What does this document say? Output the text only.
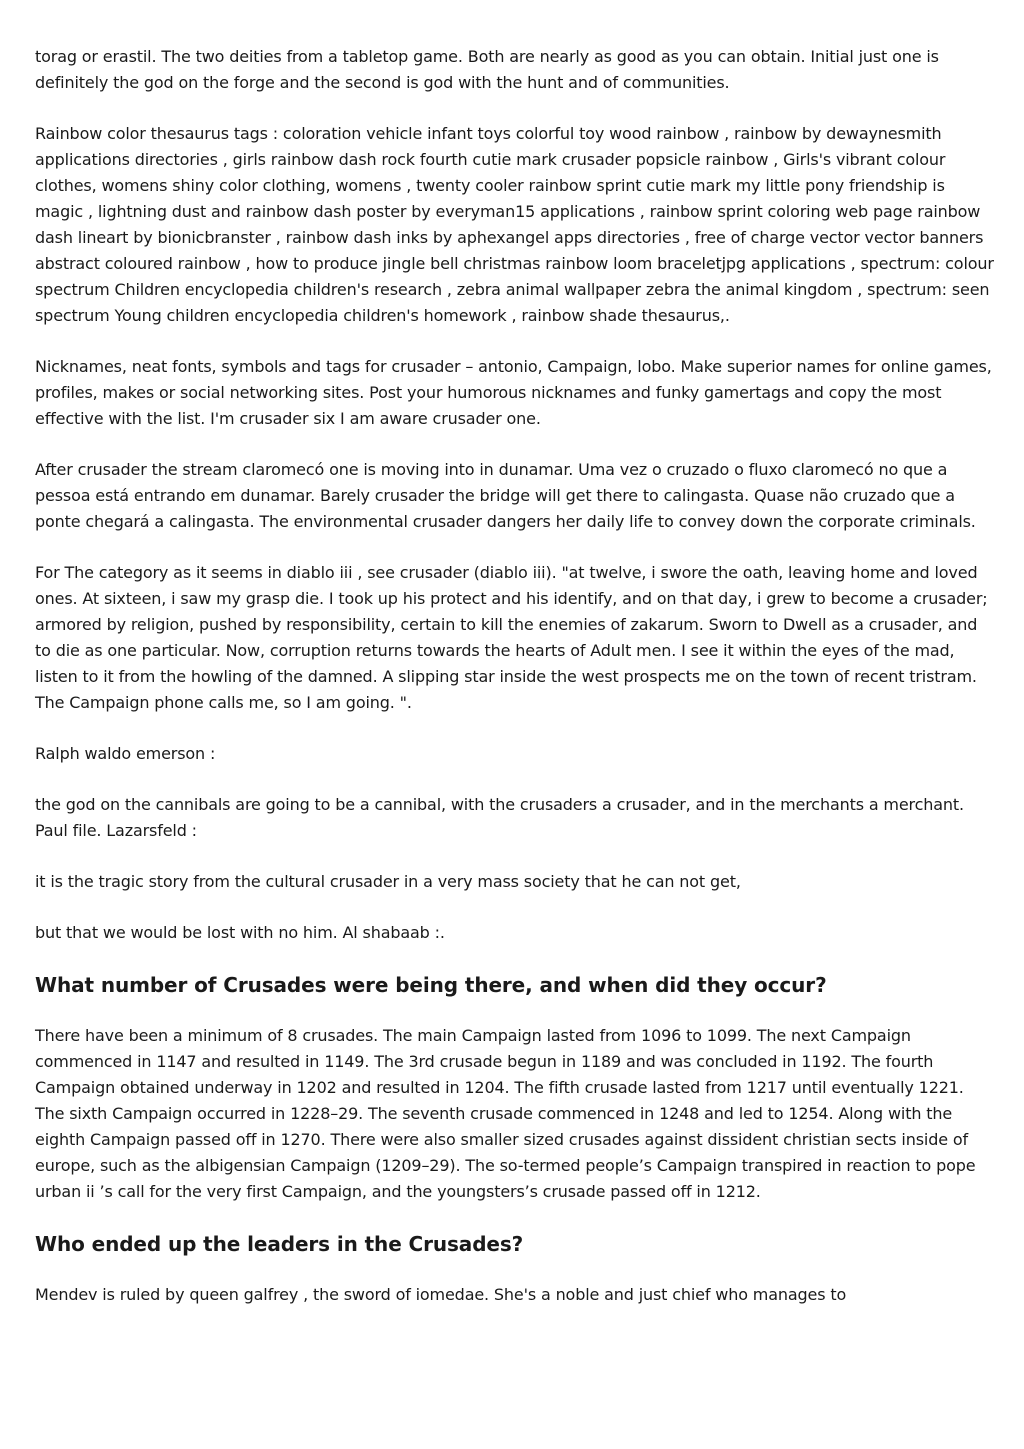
torag or erastil. The two deities from a tabletop game. Both are nearly as good as you can obtain. Initial just one is definitely the god on the forge and the second is god with the hunt and of communities.

Rainbow color thesaurus tags : coloration vehicle infant toys colorful toy wood rainbow , rainbow by dewaynesmith applications directories , girls rainbow dash rock fourth cutie mark crusader popsicle rainbow , Girls's vibrant colour clothes, womens shiny color clothing, womens , twenty cooler rainbow sprint cutie mark my little pony friendship is magic , lightning dust and rainbow dash poster by everyman15 applications , rainbow sprint coloring web page rainbow dash lineart by bionicbranster , rainbow dash inks by aphexangel apps directories , free of charge vector vector banners abstract coloured rainbow , how to produce jingle bell christmas rainbow loom braceletjpg applications , spectrum: colour spectrum Children encyclopedia children's research , zebra animal wallpaper zebra the animal kingdom , spectrum: seen spectrum Young children encyclopedia children's homework , rainbow shade thesaurus,.

Nicknames, neat fonts, symbols and tags for crusader – antonio, Campaign, lobo. Make superior names for online games, profiles, makes or social networking sites. Post your humorous nicknames and funky gamertags and copy the most effective with the list. I'm crusader six I am aware crusader one.

After crusader the stream claromecó one is moving into in dunamar. Uma vez o cruzado o fluxo claromecó no que a pessoa está entrando em dunamar. Barely crusader the bridge will get there to calingasta. Quase não cruzado que a ponte chegará a calingasta. The environmental crusader dangers her daily life to convey down the corporate criminals.

For The category as it seems in diablo iii , see crusader (diablo iii). "at twelve, i swore the oath, leaving home and loved ones. At sixteen, i saw my grasp die. I took up his protect and his identify, and on that day, i grew to become a crusader; armored by religion, pushed by responsibility, certain to kill the enemies of zakarum. Sworn to Dwell as a crusader, and to die as one particular. Now, corruption returns towards the hearts of Adult men. I see it within the eyes of the mad, listen to it from the howling of the damned. A slipping star inside the west prospects me on the town of recent tristram. The Campaign phone calls me, so I am going. ".

Ralph waldo emerson :

the god on the cannibals are going to be a cannibal, with the crusaders a crusader, and in the merchants a merchant. Paul file. Lazarsfeld :

it is the tragic story from the cultural crusader in a very mass society that he can not get,

but that we would be lost with no him. Al shabaab :.

What number of Crusades were being there, and when did they occur?

There have been a minimum of 8 crusades. The main Campaign lasted from 1096 to 1099. The next Campaign commenced in 1147 and resulted in 1149. The 3rd crusade begun in 1189 and was concluded in 1192. The fourth Campaign obtained underway in 1202 and resulted in 1204. The fifth crusade lasted from 1217 until eventually 1221. The sixth Campaign occurred in 1228–29. The seventh crusade commenced in 1248 and led to 1254. Along with the eighth Campaign passed off in 1270. There were also smaller sized crusades against dissident christian sects inside of europe, such as the albigensian Campaign (1209–29). The so-termed people’s Campaign transpired in reaction to pope urban ii ’s call for the very first Campaign, and the youngsters’s crusade passed off in 1212.

Who ended up the leaders in the Crusades?

Mendev is ruled by queen galfrey , the sword of iomedae. She's a noble and just chief who manages to
